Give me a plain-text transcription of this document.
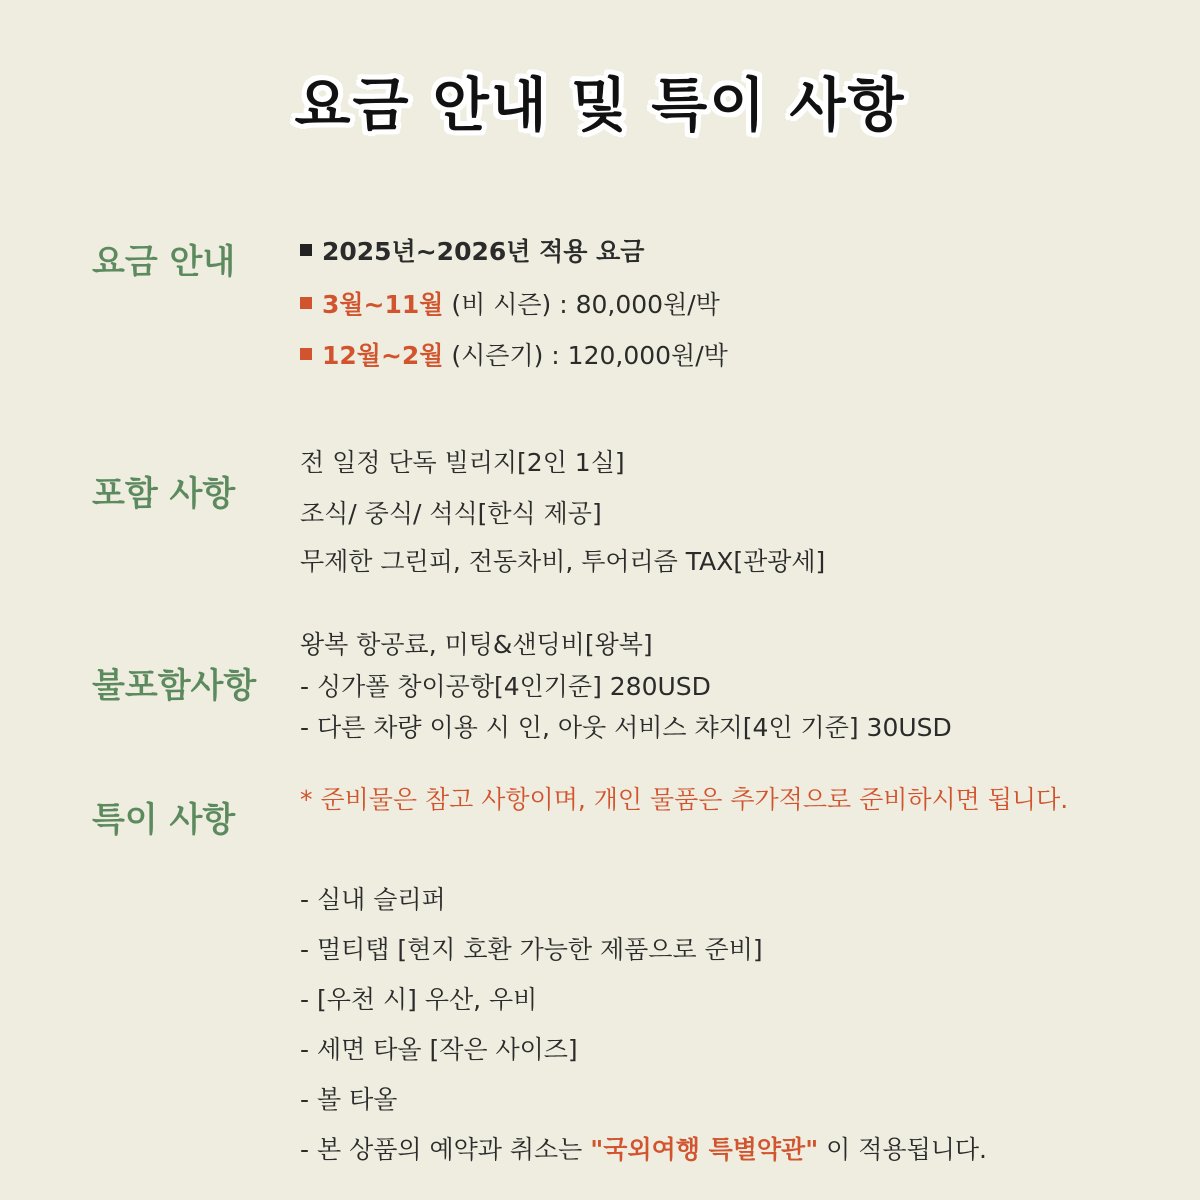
요금 안내 및 특이 사항
요금 안내	2025년~2026년 적용 요금
3월~11월 (비 시즌) : 80,000원/박
12월~2월 (시즌기) : 120,000원/박
포함 사항
전 일정 단독 빌리지[2인 1실]
조식/ 중식/ 석식[한식 제공]
무제한 그린피, 전동차비, 투어리즘 TAX[관광세]
불포함사항
왕복 항공료, 미팅&샌딩비[왕복]
- 싱가폴 창이공항[4인기준] 280USD
- 다른 차량 이용 시 인, 아웃 서비스 챠지[4인 기준] 30USD
특이 사항
* 준비물은 참고 사항이며, 개인 물품은 추가적으로 준비하시면 됩니다.
- 실내 슬리퍼
- 멀티탭 [현지 호환 가능한 제품으로 준비]
- [우천 시] 우산, 우비
- 세면 타올 [작은 사이즈]
- 볼 타올
- 본 상품의 예약과 취소는 "국외여행 특별약관" 이 적용됩니다.
